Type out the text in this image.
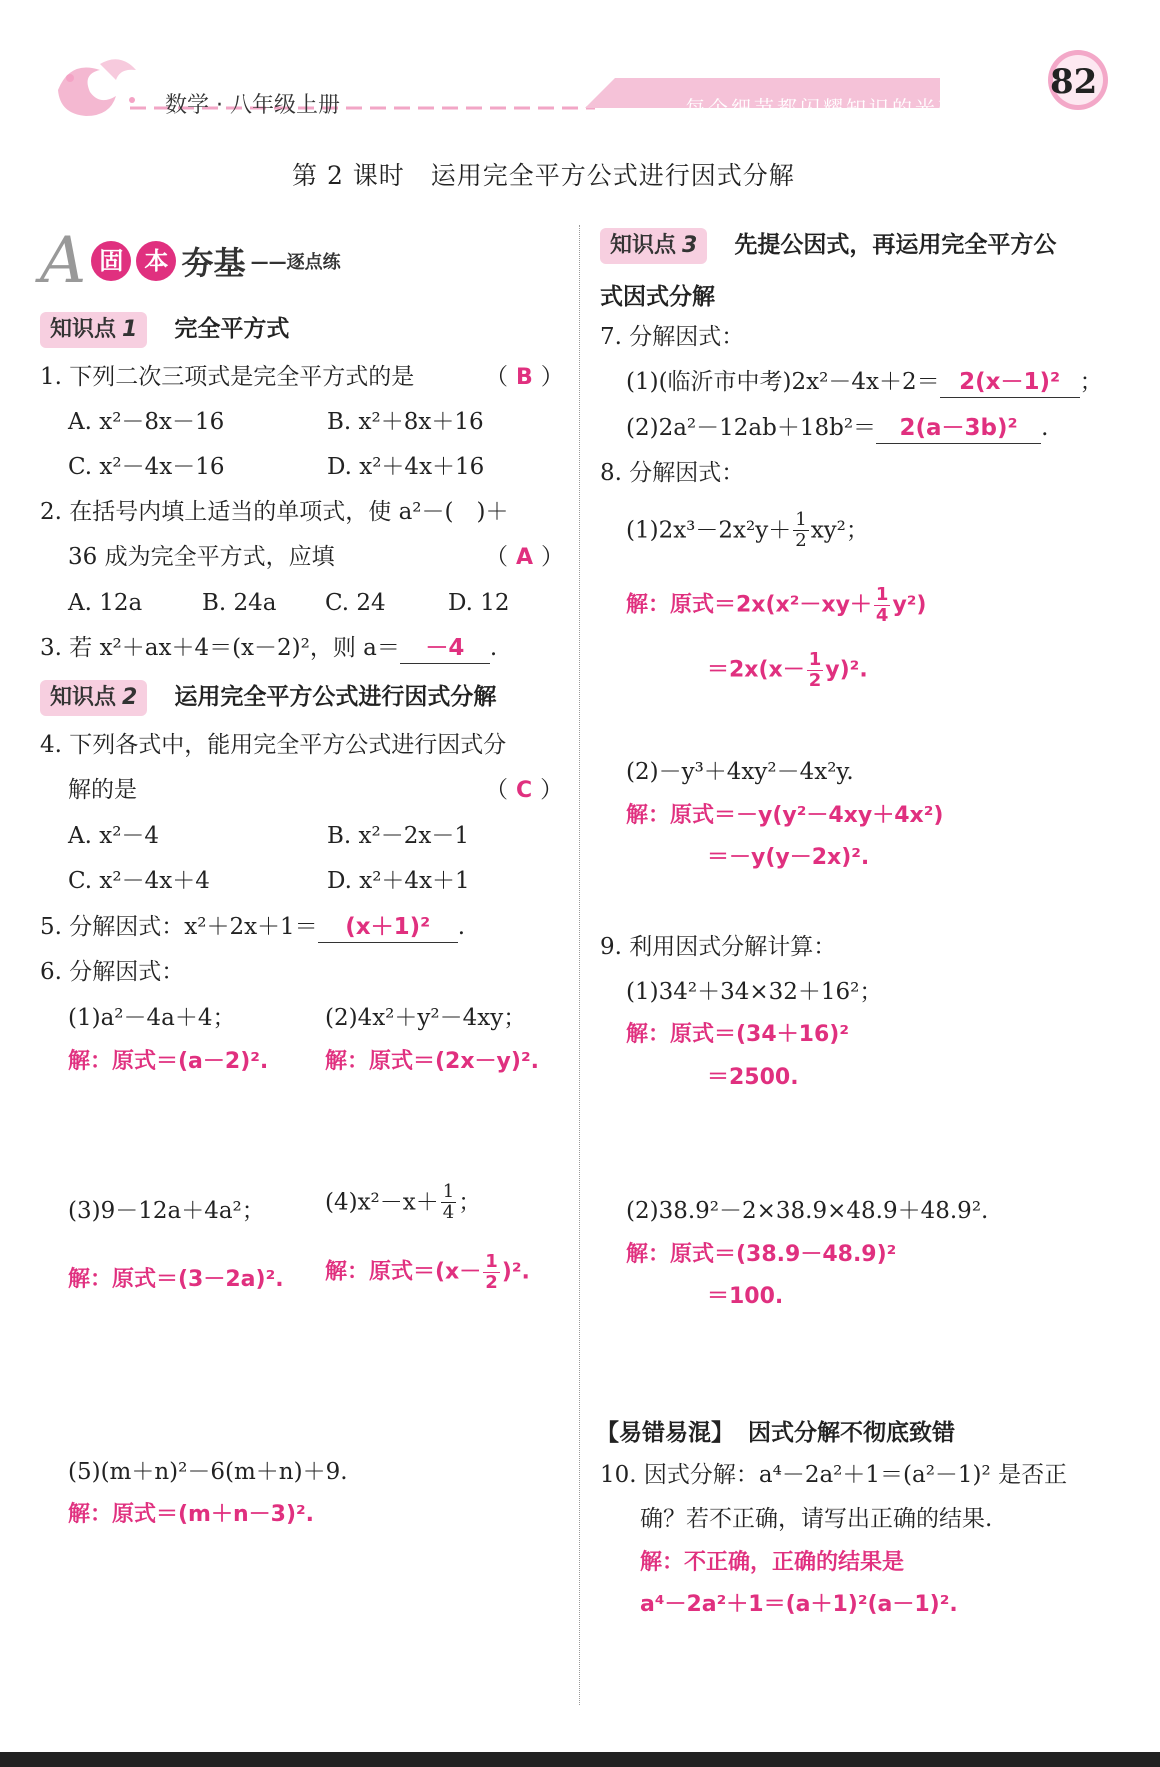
数学 · 八年级上册	每个细节都闪耀知识的光芒
82
第 2 课时　运用完全平方公式进行因式分解
A 固 本 夯基 ——逐点练
知识点 1 完全平方式
1. 下列二次三项式是完全平方式的是	（ B ）
A. x²－8x－16	B. x²＋8x＋16
C. x²－4x－16	D. x²＋4x＋16
2. 在括号内填上适当的单项式，使 a²－(　)＋
36 成为完全平方式，应填	（ A ）
A. 12a	B. 24a C. 24	D. 12
3. 若 x²＋ax＋4＝(x－2)²，则 a＝ －4 .
知识点 2 运用完全平方公式进行因式分解
4. 下列各式中，能用完全平方公式进行因式分
解的是	（ C ）
A. x²－4	B. x²－2x－1
C. x²－4x＋4	D. x²＋4x＋1
5. 分解因式：x²＋2x＋1＝ (x＋1)² .
6. 分解因式：
(1)a²－4a＋4；
解：原式＝(a－2)².
(2)4x²＋y²－4xy；
解：原式＝(2x－y)².
(3)9－12a＋4a²；
解：原式＝(3－2a)².
$(4)x^2-x+ \frac{1}{4}$ ；
解：原式$=(x- \frac{1}{2} )^2$.
(5)(m＋n)²－6(m＋n)＋9.
解：原式＝(m＋n－3)².
知识点 3 先提公因式，再运用完全平方公
式因式分解
7. 分解因式：
(1)(临沂市中考)2x²－4x＋2＝ 2(x－1)² ；
(2)2a²－12ab＋18b²＝ 2(a－3b)² .
8. 分解因式：
$(1)2x^3-2x^2y+ \frac{1}{2} xy^2$；
解：原式$=2x(x^2-xy+ \frac{1}{4} y^2)$
$=2x(x- \frac{1}{2} y)^2$.
(2)－y³＋4xy²－4x²y.
解：原式＝－y(y²－4xy＋4x²)
＝－y(y－2x)².
9. 利用因式分解计算：
(1)34²＋34×32＋16²；
解：原式＝(34＋16)²
＝2500.
(2)38.9²－2×38.9×48.9＋48.9².
解：原式＝(38.9－48.9)²
＝100.
【易错易混】 因式分解不彻底致错
10. 因式分解：a⁴－2a²＋1＝(a²－1)² 是否正
确？若不正确，请写出正确的结果.
解：不正确，正确的结果是
a⁴－2a²＋1＝(a＋1)²(a－1)².
